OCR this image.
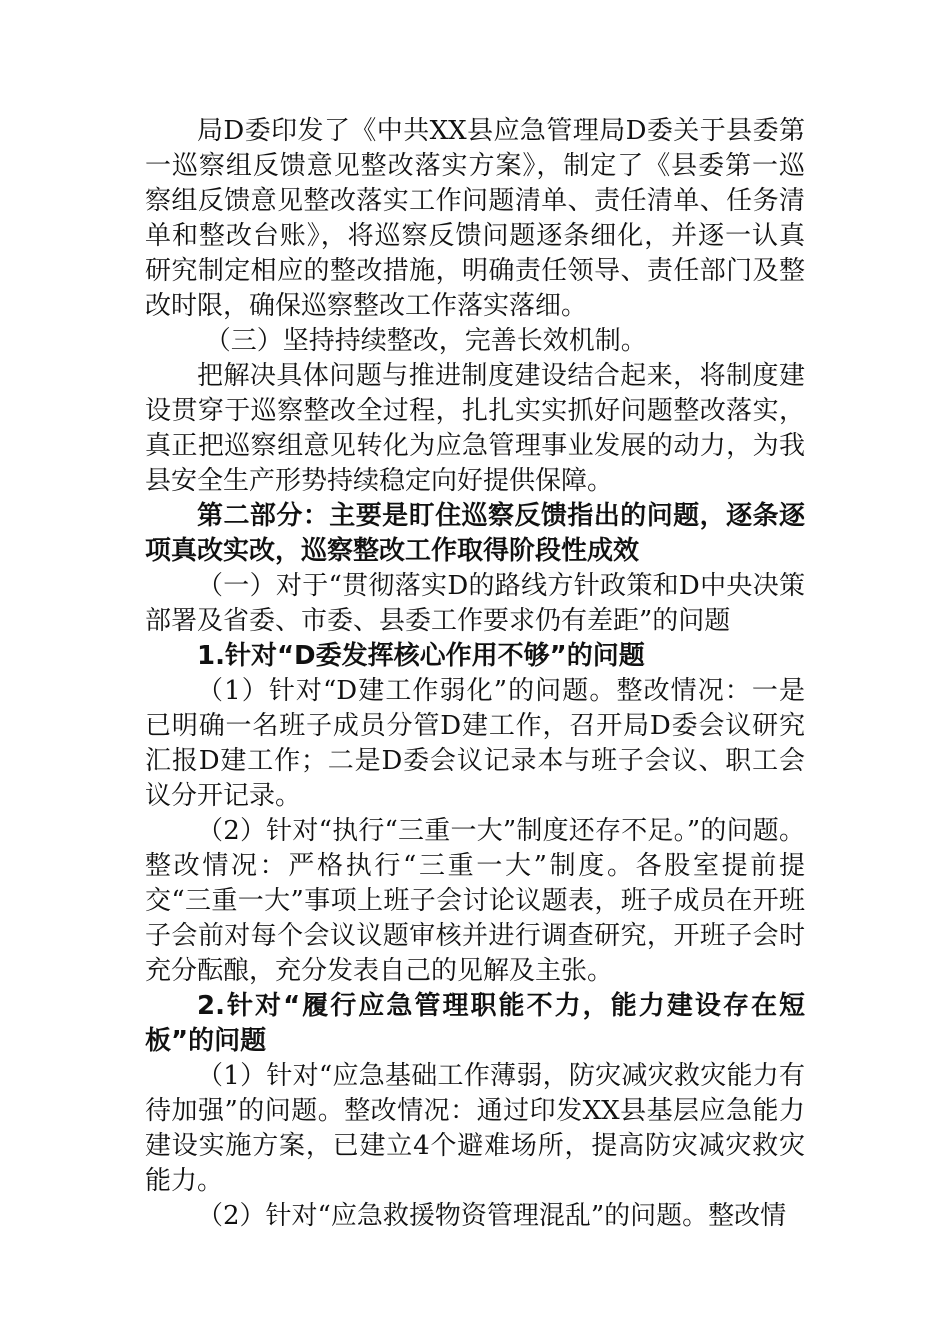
局D委印发了《中共XX县应急管理局D委关于县委第一巡察组反馈意见整改落实方案》，制定了《县委第一巡察组反馈意见整改落实工作问题清单、责任清单、任务清单和整改台账》，将巡察反馈问题逐条细化，并逐一认真研究制定相应的整改措施，明确责任领导、责任部门及整改时限，确保巡察整改工作落实落细。

（三）坚持持续整改，完善长效机制。

把解决具体问题与推进制度建设结合起来，将制度建设贯穿于巡察整改全过程，扎扎实实抓好问题整改落实，真正把巡察组意见转化为应急管理事业发展的动力，为我县安全生产形势持续稳定向好提供保障。

第二部分：主要是盯住巡察反馈指出的问题，逐条逐项真改实改，巡察整改工作取得阶段性成效

（一）对于“贯彻落实D的路线方针政策和D中央决策部署及省委、市委、县委工作要求仍有差距”的问题

1.针对“D委发挥核心作用不够”的问题

（1）针对“D建工作弱化”的问题。整改情况：一是已明确一名班子成员分管D建工作，召开局D委会议研究汇报D建工作；二是D委会议记录本与班子会议、职工会议分开记录。

（2）针对“执行“三重一大”制度还存不足。”的问题。整改情况：严格执行“三重一大”制度。各股室提前提交“三重一大”事项上班子会讨论议题表，班子成员在开班子会前对每个会议议题审核并进行调查研究，开班子会时充分酝酿，充分发表自己的见解及主张。

2.针对“履行应急管理职能不力，能力建设存在短板”的问题

（1）针对“应急基础工作薄弱，防灾减灾救灾能力有待加强”的问题。整改情况：通过印发XX县基层应急能力建设实施方案，已建立4个避难场所，提高防灾减灾救灾能力。

（2）针对“应急救援物资管理混乱”的问题。整改情
